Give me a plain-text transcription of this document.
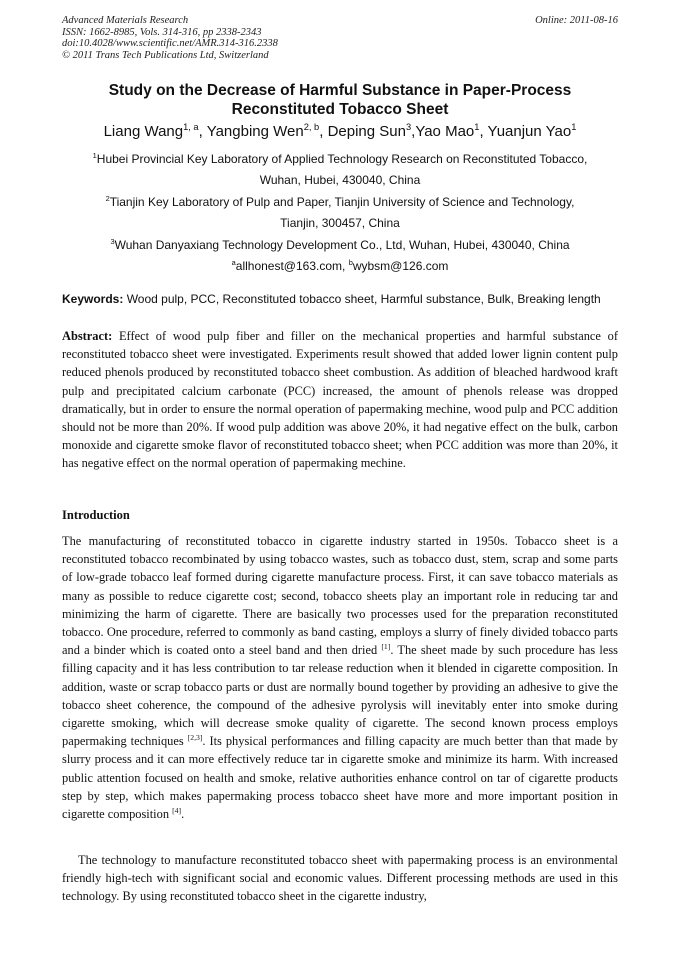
Advanced Materials Research
ISSN: 1662-8985, Vols. 314-316, pp 2338-2343
doi:10.4028/www.scientific.net/AMR.314-316.2338
© 2011 Trans Tech Publications Ltd, Switzerland
Online: 2011-08-16
Study on the Decrease of Harmful Substance in Paper-Process
Reconstituted Tobacco Sheet
Liang Wang$^{1, a}$, Yangbing Wen$^{2, b}$, Deping Sun$^3$,Yao Mao$^1$, Yuanjun Yao$^1$
$^1$Hubei Provincial Key Laboratory of Applied Technology Research on Reconstituted Tobacco,
Wuhan, Hubei, 430040, China
$^2$Tianjin Key Laboratory of Pulp and Paper, Tianjin University of Science and Technology,
Tianjin, 300457, China
$^3$Wuhan Danyaxiang Technology Development Co., Ltd, Wuhan, Hubei, 430040, China
$^a$allhonest@163.com, $^b$wybsm@126.com
Keywords: Wood pulp, PCC, Reconstituted tobacco sheet, Harmful substance, Bulk, Breaking length
Abstract: Effect of wood pulp fiber and filler on the mechanical properties and harmful substance of reconstituted tobacco sheet were investigated. Experiments result showed that added lower lignin content pulp reduced phenols produced by reconstituted tobacco sheet combustion. As addition of bleached hardwood kraft pulp and precipitated calcium carbonate (PCC) increased, the amount of phenols release was dropped dramatically, but in order to ensure the normal operation of papermaking mechine, wood pulp and PCC addition should not be more than 20%. If wood pulp addition was above 20%, it had negative effect on the bulk, carbon monoxide and cigarette smoke flavor of reconstituted tobacco sheet; when PCC addition was more than 20%, it has negative effect on the normal operation of papermaking mechine.
Introduction
The manufacturing of reconstituted tobacco in cigarette industry started in 1950s. Tobacco sheet is a reconstituted tobacco recombinated by using tobacco wastes, such as tobacco dust, stem, scrap and some parts of low-grade tobacco leaf formed during cigarette manufacture process. First, it can save tobacco materials as many as possible to reduce cigarette cost; second, tobacco sheets play an important role in reducing tar and minimizing the harm of cigarette. There are basically two processes used for the preparation reconstituted tobacco. One procedure, referred to commonly as band casting, employs a slurry of finely divided tobacco parts and a binder which is coated onto a steel band and then dried [1]. The sheet made by such procedure has less filling capacity and it has less contribution to tar release reduction when it blended in cigarette composition. In addition, waste or scrap tobacco parts or dust are normally bound together by providing an adhesive to give the tobacco sheet coherence, the compound of the adhesive pyrolysis will inevitably enter into smoke during cigarette smoking, which will decrease smoke quality of cigarette. The second known process employs papermaking techniques [2,3]. Its physical performances and filling capacity are much better than that made by slurry process and it can more effectively reduce tar in cigarette smoke and minimize its harm. With increased public attention focused on health and smoke, relative authorities enhance control on tar of cigarette products step by step, which makes papermaking process tobacco sheet have more and more important position in cigarette composition [4].
The technology to manufacture reconstituted tobacco sheet with papermaking process is an environmental friendly high-tech with significant social and economic values. Different processing methods are used in this technology. By using reconstituted tobacco sheet in the cigarette industry,
